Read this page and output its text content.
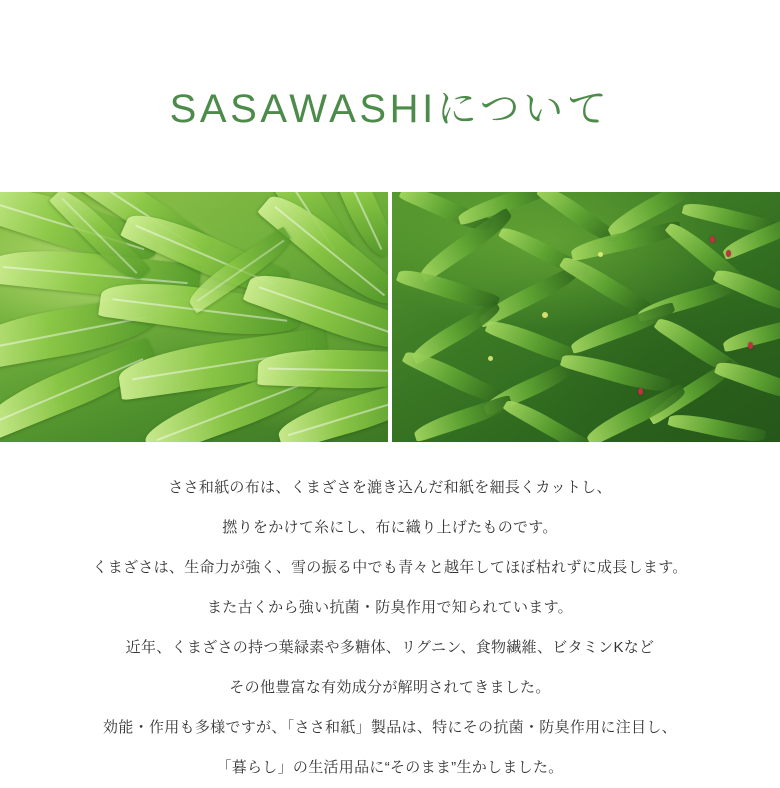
SASAWASHIについて

ささ和紙の布は、くまざさを漉き込んだ和紙を細長くカットし、

撚りをかけて糸にし、布に織り上げたものです。

くまざさは、生命力が強く、雪の振る中でも青々と越年してほぼ枯れずに成長します。

また古くから強い抗菌・防臭作用で知られています。

近年、くまざさの持つ葉緑素や多糖体、リグニン、食物繊維、ビタミンKなど

その他豊富な有効成分が解明されてきました。

効能・作用も多様ですが、「ささ和紙」製品は、特にその抗菌・防臭作用に注目し、

「暮らし」の生活用品に“そのまま”生かしました。
